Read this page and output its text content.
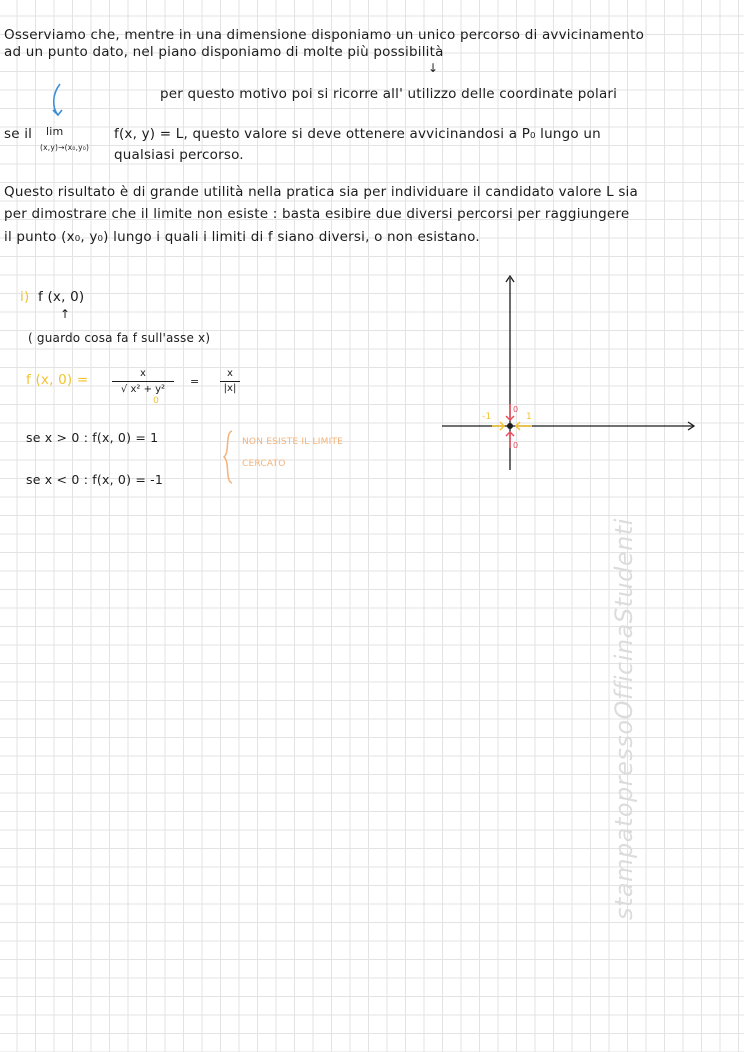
Osserviamo che, mentre in una dimensione disponiamo un unico percorso di avvicinamento
ad un punto dato, nel piano disponiamo di molte più possibilità
↓
per questo motivo poi si ricorre all' utilizzo delle coordinate polari
se il lim
(x,y)→(x₀,y₀)
f(x, y) = L, questo valore si deve ottenere avvicinandosi a P₀ lungo un
qualsiasi percorso.
Questo risultato è di grande utilità nella pratica sia per individuare il candidato valore L sia
per dimostrare che il limite non esiste : basta esibire due diversi percorsi per raggiungere
il punto (x₀, y₀) lungo i quali i limiti di f siano diversi, o non esistano.
i) f (x, 0)
↑
( guardo cosa fa f sull'asse x)
f (x, 0) =	x
√ x² + y²
0
=
x
|x|
se x > 0 : f(x, 0) = 1
se x < 0 : f(x, 0) = -1
NON ESISTE IL LIMITE
CERCATO
-1	1
0
0
stampatopressoOfficinaStudenti
